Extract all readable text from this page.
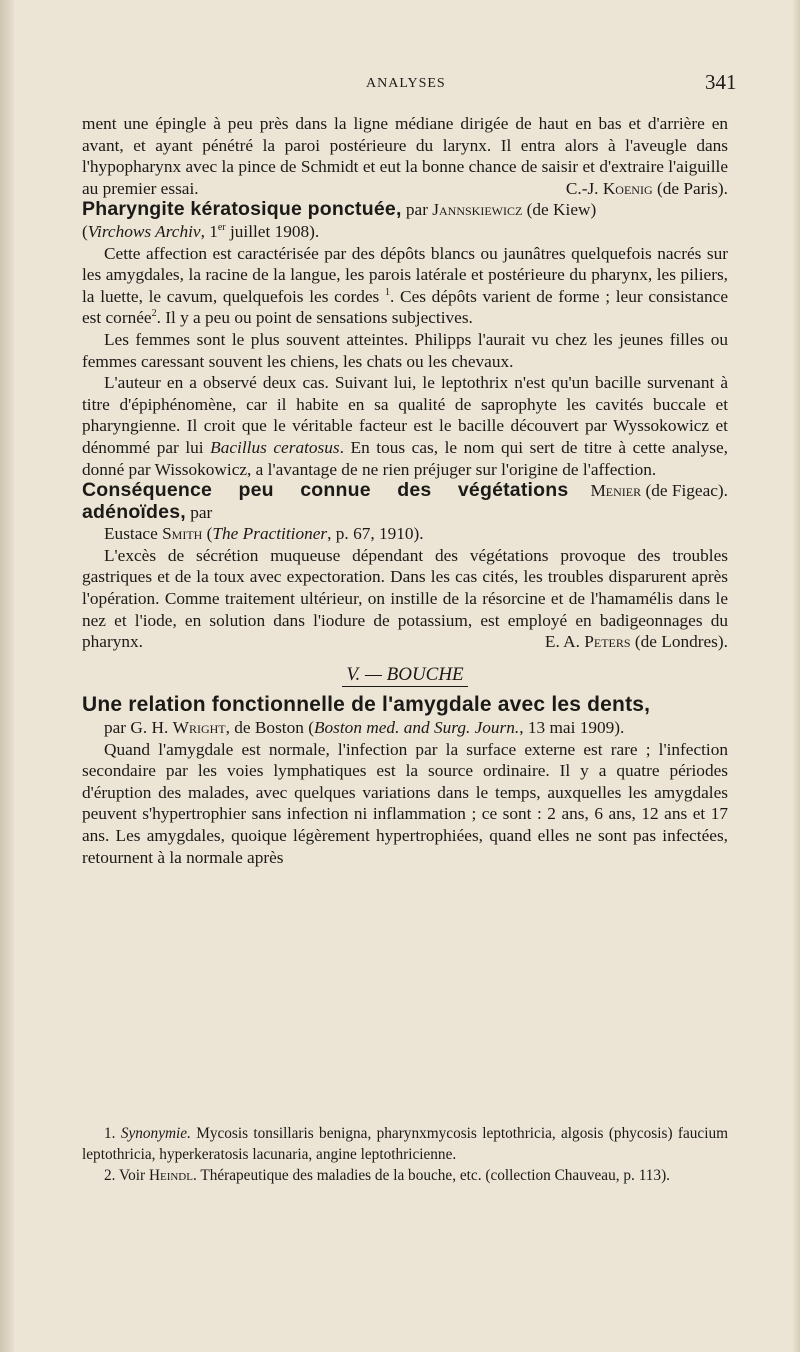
ANALYSES	341

ment une épingle à peu près dans la ligne médiane dirigée de haut en bas et d'arrière en avant, et ayant pénétré la paroi postérieure du larynx. Il entra alors à l'aveugle dans l'hypopharynx avec la pince de Schmidt et eut la bonne chance de saisir et d'extraire l'aiguille au premier essai.	C.-J. Koenig (de Paris).

Pharyngite kératosique ponctuée, par Jannskiewicz (de Kiew)
(Virchows Archiv, 1er juillet 1908).

Cette affection est caractérisée par des dépôts blancs ou jaunâtres quelquefois nacrés sur les amygdales, la racine de la langue, les parois latérale et postérieure du pharynx, les piliers, la luette, le cavum, quelquefois les cordes $^1$. Ces dépôts varient de forme ; leur consistance est cornée$^2$. Il y a peu ou point de sensations subjectives.

Les femmes sont le plus souvent atteintes. Philipps l'aurait vu chez les jeunes filles ou femmes caressant souvent les chiens, les chats ou les chevaux.

L'auteur en a observé deux cas. Suivant lui, le leptothrix n'est qu'un bacille survenant à titre d'épiphénomène, car il habite en sa qualité de saprophyte les cavités buccale et pharyngienne. Il croit que le véritable facteur est le bacille découvert par Wyssokowicz et dénommé par lui Bacillus ceratosus. En tous cas, le nom qui sert de titre à cette analyse, donné par Wissokowicz, a l'avantage de ne rien préjuger sur l'origine de l'affection.
Menier (de Figeac).

Conséquence peu connue des végétations adénoïdes, par

Eustace Smith (The Practitioner, p. 67, 1910).

L'excès de sécrétion muqueuse dépendant des végétations provoque des troubles gastriques et de la toux avec expectoration. Dans les cas cités, les troubles disparurent après l'opération. Comme traitement ultérieur, on instille de la résorcine et de l'hamamélis dans le nez et l'iode, en solution dans l'iodure de potassium, est employé en badigeonnages du pharynx.	E. A. Peters (de Londres).

V. — BOUCHE

Une relation fonctionnelle de l'amygdale avec les dents,

par G. H. Wright, de Boston (Boston med. and Surg. Journ., 13 mai 1909).

Quand l'amygdale est normale, l'infection par la surface externe est rare ; l'infection secondaire par les voies lymphatiques est la source ordinaire. Il y a quatre périodes d'éruption des malades, avec quelques variations dans le temps, auxquelles les amygdales peuvent s'hypertrophier sans infection ni inflammation ; ce sont : 2 ans, 6 ans, 12 ans et 17 ans. Les amygdales, quoique légèrement hypertrophiées, quand elles ne sont pas infectées, retournent à la normale après

1. Synonymie. Mycosis tonsillaris benigna, pharynxmycosis leptothricia, algosis (phycosis) faucium leptothricia, hyperkeratosis lacunaria, angine leptothricienne.

2. Voir Heindl. Thérapeutique des maladies de la bouche, etc. (collection Chauveau, p. 113).
